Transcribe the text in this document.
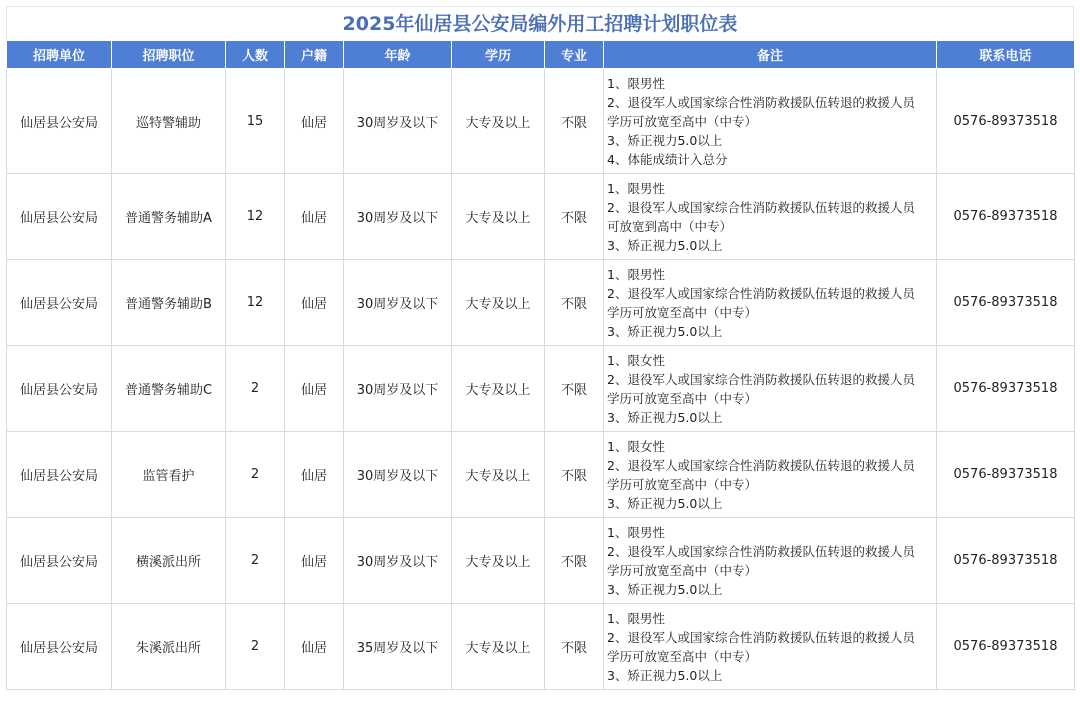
2025年仙居县公安局编外用工招聘计划职位表
招聘单位	招聘职位	人数	户籍	年龄	学历	专业	备注	联系电话
仙居县公安局	巡特警辅助	15	仙居	30周岁及以下	大专及以上	不限	1、限男性
2、退役军人或国家综合性消防救援队伍转退的救援人员
学历可放宽至高中（中专）
3、矫正视力5.0以上
4、体能成绩计入总分	0576-89373518
仙居县公安局	普通警务辅助A	12	仙居	30周岁及以下	大专及以上	不限	1、限男性
2、退役军人或国家综合性消防救援队伍转退的救援人员
可放宽到高中（中专）
3、矫正视力5.0以上	0576-89373518
仙居县公安局	普通警务辅助B	12	仙居	30周岁及以下	大专及以上	不限	1、限男性
2、退役军人或国家综合性消防救援队伍转退的救援人员
学历可放宽至高中（中专）
3、矫正视力5.0以上	0576-89373518
仙居县公安局	普通警务辅助C	2	仙居	30周岁及以下	大专及以上	不限	1、限女性
2、退役军人或国家综合性消防救援队伍转退的救援人员
学历可放宽至高中（中专）
3、矫正视力5.0以上	0576-89373518
仙居县公安局	监管看护	2	仙居	30周岁及以下	大专及以上	不限	1、限女性
2、退役军人或国家综合性消防救援队伍转退的救援人员
学历可放宽至高中（中专）
3、矫正视力5.0以上	0576-89373518
仙居县公安局	横溪派出所	2	仙居	30周岁及以下	大专及以上	不限	1、限男性
2、退役军人或国家综合性消防救援队伍转退的救援人员
学历可放宽至高中（中专）
3、矫正视力5.0以上	0576-89373518
仙居县公安局	朱溪派出所	2	仙居	35周岁及以下	大专及以上	不限	1、限男性
2、退役军人或国家综合性消防救援队伍转退的救援人员
学历可放宽至高中（中专）
3、矫正视力5.0以上	0576-89373518
